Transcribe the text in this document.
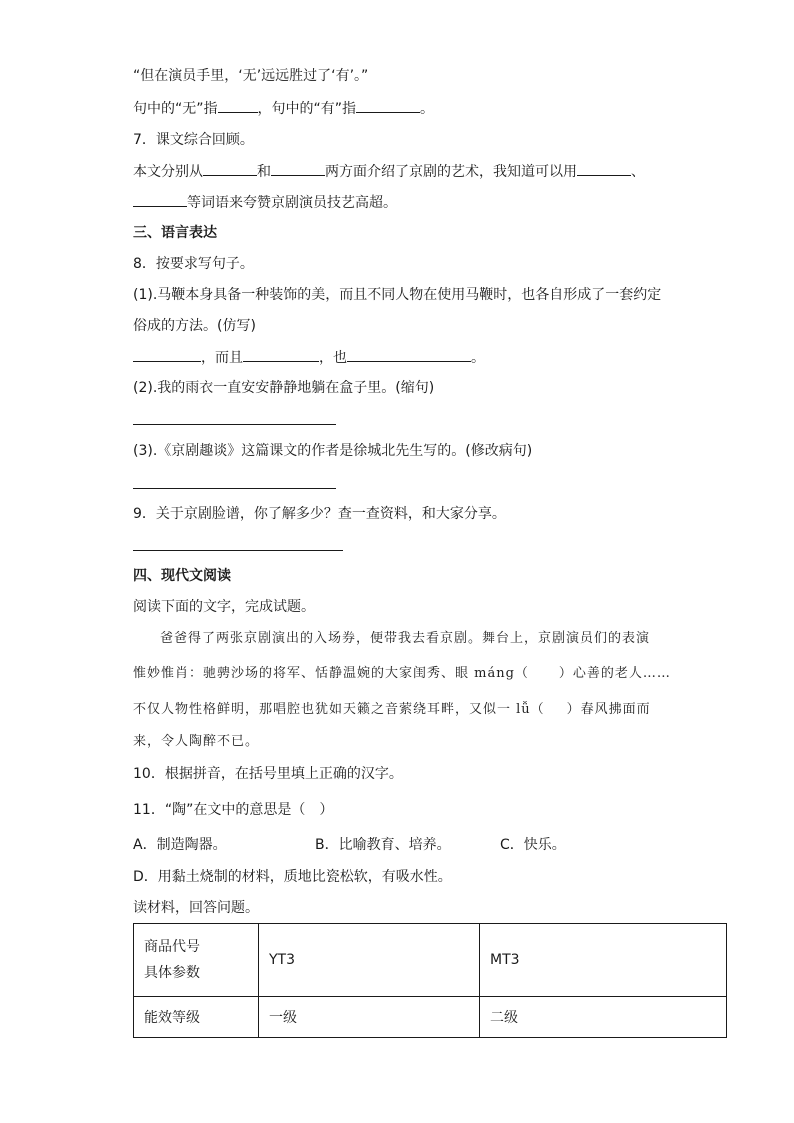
“但在演员手里，‘无’远远胜过了‘有’。”
句中的“无”指	，句中的“有”指	。
7．课文综合回顾。
本文分别从	和	两方面介绍了京剧的艺术，我知道可以用	、
等词语来夸赞京剧演员技艺高超。
三、语言表达
8．按要求写句子。
(1).马鞭本身具备一种装饰的美，而且不同人物在使用马鞭时，也各自形成了一套约定
俗成的方法。(仿写)
，而且	，也	。
(2).我的雨衣一直安安静静地躺在盒子里。(缩句)
(3).《京剧趣谈》这篇课文的作者是徐城北先生写的。(修改病句)
9．关于京剧脸谱，你了解多少？查一查资料，和大家分享。
四、现代文阅读
阅读下面的文字，完成试题。
爸爸得了两张京剧演出的入场券，便带我去看京剧。舞台上，京剧演员们的表演
惟妙惟肖：驰骋沙场的将军、恬静温婉的大家闺秀、眼 máng（ ）心善的老人……
不仅人物性格鲜明，那唱腔也犹如天籁之音萦绕耳畔，又似一 lǚ（ ）春风拂面而
来，令人陶醉不已。
10．根据拼音，在括号里填上正确的汉字。
11．“陶”在文中的意思是（　）
A．制造陶器。	B．比喻教育、培养。	C．快乐。
D．用黏土烧制的材料，质地比瓷松软，有吸水性。
读材料，回答问题。
商品代号
具体参数	YT3	MT3
能效等级	一级	二级
